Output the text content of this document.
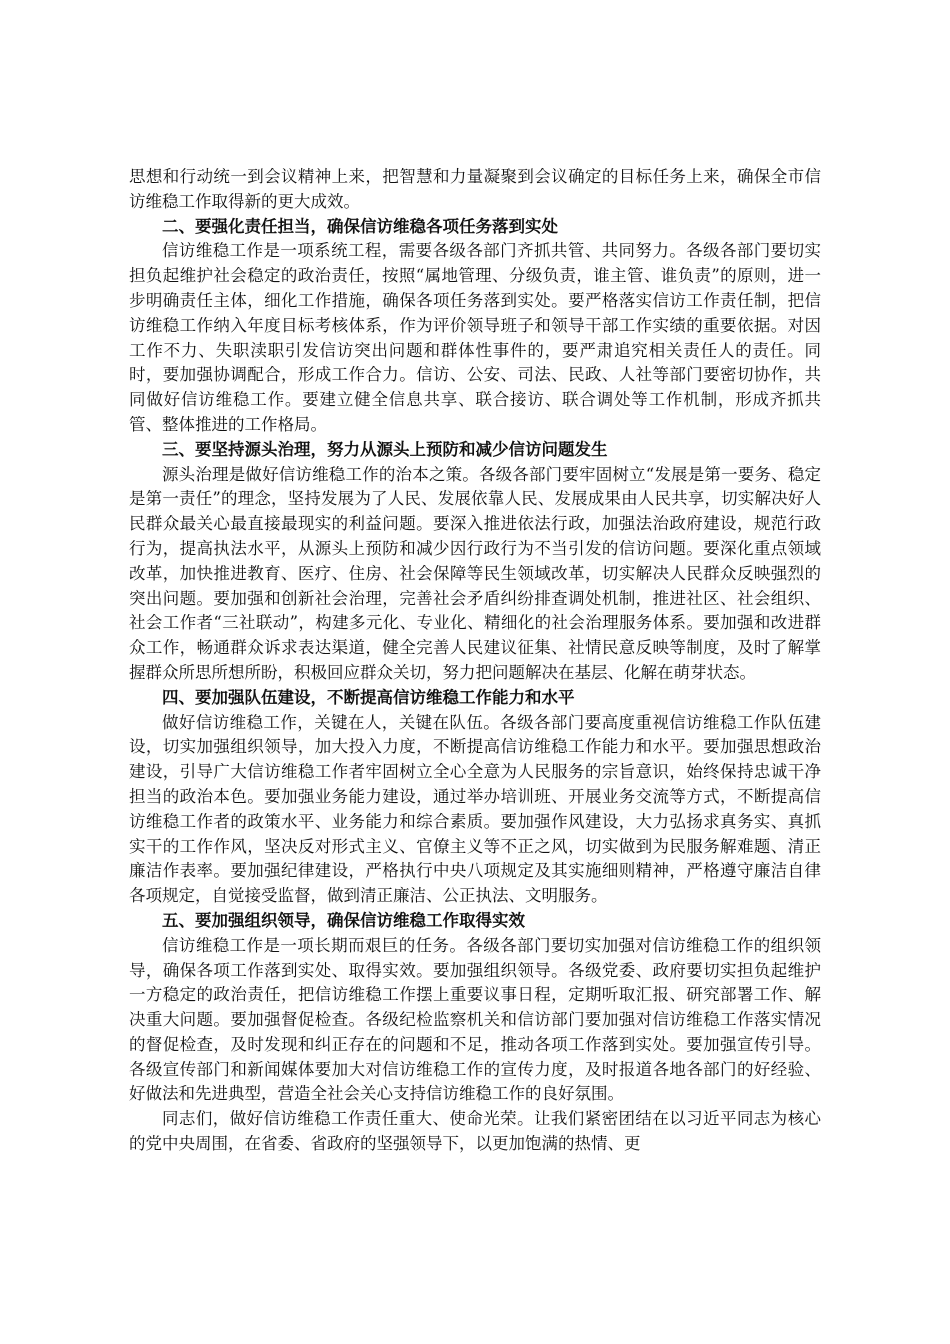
思想和行动统一到会议精神上来，把智慧和力量凝聚到会议确定的目标任务上来，确保全市信访维稳工作取得新的更大成效。

二、要强化责任担当，确保信访维稳各项任务落到实处

信访维稳工作是一项系统工程，需要各级各部门齐抓共管、共同努力。各级各部门要切实担负起维护社会稳定的政治责任，按照“属地管理、分级负责，谁主管、谁负责”的原则，进一步明确责任主体，细化工作措施，确保各项任务落到实处。要严格落实信访工作责任制，把信访维稳工作纳入年度目标考核体系，作为评价领导班子和领导干部工作实绩的重要依据。对因工作不力、失职渎职引发信访突出问题和群体性事件的，要严肃追究相关责任人的责任。同时，要加强协调配合，形成工作合力。信访、公安、司法、民政、人社等部门要密切协作，共同做好信访维稳工作。要建立健全信息共享、联合接访、联合调处等工作机制，形成齐抓共管、整体推进的工作格局。

三、要坚持源头治理，努力从源头上预防和减少信访问题发生

源头治理是做好信访维稳工作的治本之策。各级各部门要牢固树立“发展是第一要务、稳定是第一责任”的理念，坚持发展为了人民、发展依靠人民、发展成果由人民共享，切实解决好人民群众最关心最直接最现实的利益问题。要深入推进依法行政，加强法治政府建设，规范行政行为，提高执法水平，从源头上预防和减少因行政行为不当引发的信访问题。要深化重点领域改革，加快推进教育、医疗、住房、社会保障等民生领域改革，切实解决人民群众反映强烈的突出问题。要加强和创新社会治理，完善社会矛盾纠纷排查调处机制，推进社区、社会组织、社会工作者“三社联动”，构建多元化、专业化、精细化的社会治理服务体系。要加强和改进群众工作，畅通群众诉求表达渠道，健全完善人民建议征集、社情民意反映等制度，及时了解掌握群众所思所想所盼，积极回应群众关切，努力把问题解决在基层、化解在萌芽状态。

四、要加强队伍建设，不断提高信访维稳工作能力和水平

做好信访维稳工作，关键在人，关键在队伍。各级各部门要高度重视信访维稳工作队伍建设，切实加强组织领导，加大投入力度，不断提高信访维稳工作能力和水平。要加强思想政治建设，引导广大信访维稳工作者牢固树立全心全意为人民服务的宗旨意识，始终保持忠诚干净担当的政治本色。要加强业务能力建设，通过举办培训班、开展业务交流等方式，不断提高信访维稳工作者的政策水平、业务能力和综合素质。要加强作风建设，大力弘扬求真务实、真抓实干的工作作风，坚决反对形式主义、官僚主义等不正之风，切实做到为民服务解难题、清正廉洁作表率。要加强纪律建设，严格执行中央八项规定及其实施细则精神，严格遵守廉洁自律各项规定，自觉接受监督，做到清正廉洁、公正执法、文明服务。

五、要加强组织领导，确保信访维稳工作取得实效

信访维稳工作是一项长期而艰巨的任务。各级各部门要切实加强对信访维稳工作的组织领导，确保各项工作落到实处、取得实效。要加强组织领导。各级党委、政府要切实担负起维护一方稳定的政治责任，把信访维稳工作摆上重要议事日程，定期听取汇报、研究部署工作、解决重大问题。要加强督促检查。各级纪检监察机关和信访部门要加强对信访维稳工作落实情况的督促检查，及时发现和纠正存在的问题和不足，推动各项工作落到实处。要加强宣传引导。各级宣传部门和新闻媒体要加大对信访维稳工作的宣传力度，及时报道各地各部门的好经验、好做法和先进典型，营造全社会关心支持信访维稳工作的良好氛围。

同志们，做好信访维稳工作责任重大、使命光荣。让我们紧密团结在以习近平同志为核心的党中央周围，在省委、省政府的坚强领导下，以更加饱满的热情、更
